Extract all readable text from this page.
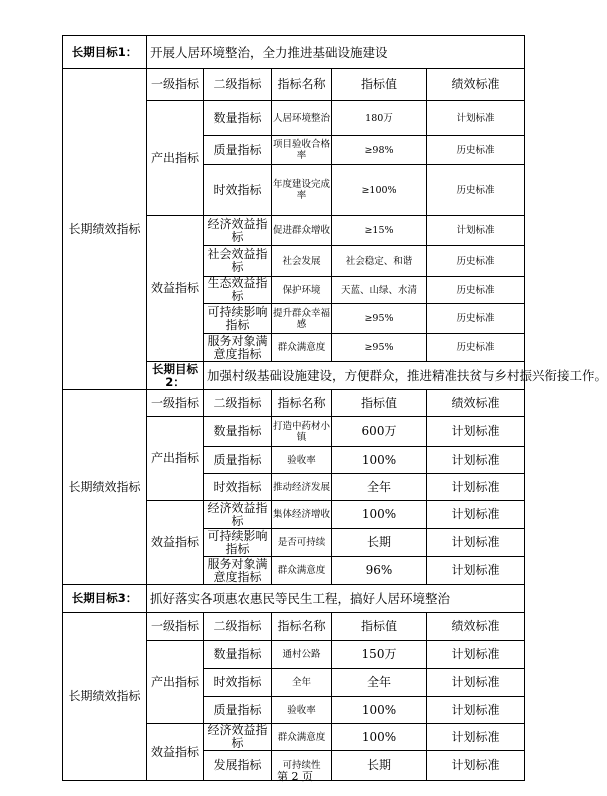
长期目标1：	开展人居环境整治，全力推进基础设施建设				
长期绩效指标	一级指标	二级指标	指标名称	指标值	绩效标准
	产出指标	数量指标	人居环境整治	180万	计划标准
		质量指标	项目验收合格率	≥98%	历史标准
		时效指标	年度建设完成率	≥100%	历史标准
	效益指标	经济效益指标	促进群众增收	≥15%	计划标准
		社会效益指标	社会发展	社会稳定、和谐	历史标准
		生态效益指标	保护环境	天蓝、山绿、水清	历史标准
		可持续影响指标	提升群众幸福感	≥95%	历史标准
		服务对象满意度指标	群众满意度	≥95%	历史标准
	长期目标2：	加强村级基础设施建设，方便群众，推进精准扶贫与乡村振兴衔接工作。			
长期绩效指标	一级指标	二级指标	指标名称	指标值	绩效标准
	产出指标	数量指标	打造中药材小镇	600万	计划标准
		质量指标	验收率	100%	计划标准
		时效指标	推动经济发展	全年	计划标准
	效益指标	经济效益指标	集体经济增收	100%	计划标准
		可持续影响指标	是否可持续	长期	计划标准
		服务对象满意度指标	群众满意度	96%	计划标准
长期目标3：	抓好落实各项惠农惠民等民生工程，搞好人居环境整治				
长期绩效指标	一级指标	二级指标	指标名称	指标值	绩效标准
	产出指标	数量指标	通村公路	150万	计划标准
		时效指标	全年	全年	计划标准
		质量指标	验收率	100%	计划标准
	效益指标	经济效益指标	群众满意度	100%	计划标准
		发展指标	可持续性	长期	计划标准
第 2 页
